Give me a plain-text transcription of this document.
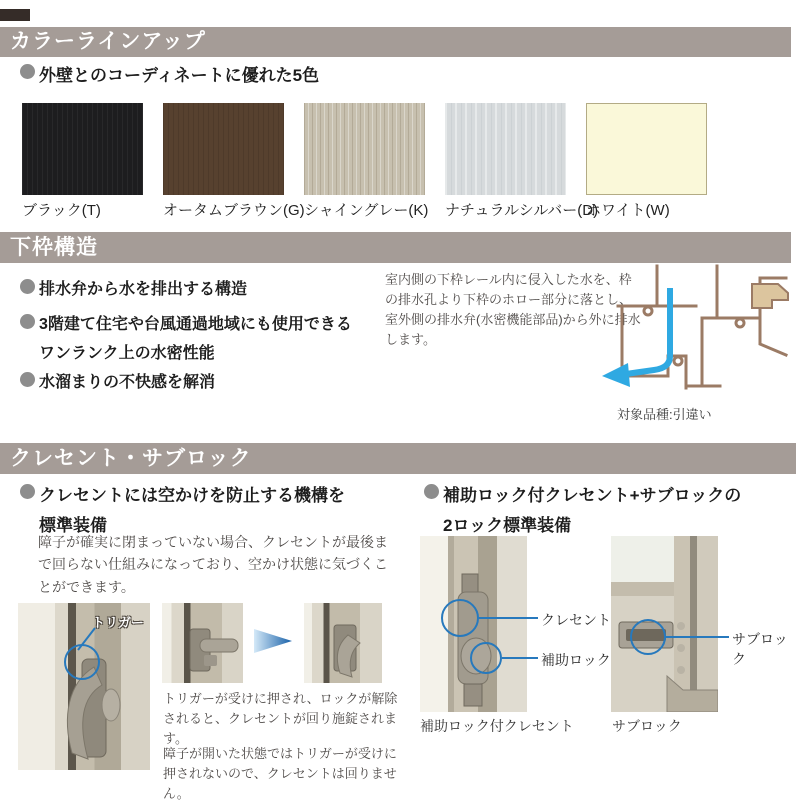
カラーラインアップ
外壁とのコーディネートに優れた5色
ブラック(T)	オータムブラウン(G) シャイングレー(K) ナチュラルシルバー(D)
ホワイト(W)
下枠構造
排水弁から水を排出する構造
3階建て住宅や台風通過地域にも使用できる
ワンランク上の水密性能
水溜まりの不快感を解消
室内側の下枠レール内に侵入した水を、枠の排水孔より下枠のホロー部分に落とし、室外側の排水弁(水密機能部品)から外に排水します。
対象品種:引違い
クレセント・サブロック
クレセントには空かけを防止する機構を
標準装備
障子が確実に閉まっていない場合、クレセントが最後まで回らない仕組みになっており、空かけ状態に気づくことができます。
補助ロック付クレセント+サブロックの
2ロック標準装備
トリガー
トリガーが受けに押され、ロックが解除されると、クレセントが回り施錠されます。
障子が開いた状態ではトリガーが受けに押されないので、クレセントは回りません。
クレセント
補助ロック
補助ロック付クレセント
サブロック
サブロック
